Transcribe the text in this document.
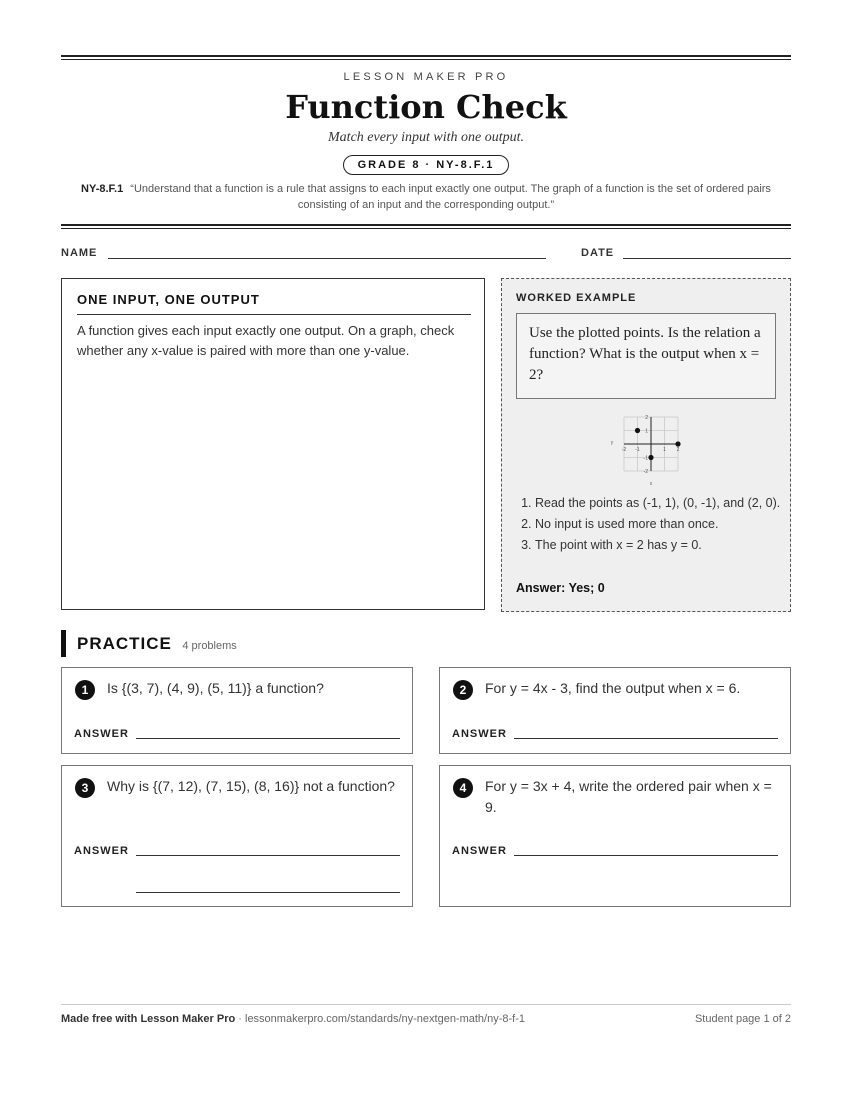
LESSON MAKER PRO
Function Check
Match every input with one output.
GRADE 8 · NY-8.F.1
NY-8.F.1 “Understand that a function is a rule that assigns to each input exactly one output. The graph of a function is the set of ordered pairs consisting of an input and the corresponding output.”
NAME	DATE
ONE INPUT, ONE OUTPUT

A function gives each input exactly one output. On a graph, check whether any x-value is paired with more than one y-value.

WORKED EXAMPLE
Use the plotted points. Is the relation a function? What is the output when x = 2?
-2 -1	1 2
2
1
-1
-2
x
y
1. Read the points as (-1, 1), (0, -1), and (2, 0).
2. No input is used more than once.
3. The point with x = 2 has y = 0.
Answer: Yes; 0
PRACTICE 4 problems
1	Is {(3, 7), (4, 9), (5, 11)} a function?
ANSWER
2	For y = 4x - 3, find the output when x = 6.
ANSWER
3	Why is {(7, 12), (7, 15), (8, 16)} not a function?
ANSWER
4	For y = 3x + 4, write the ordered pair when x = 9.
ANSWER
Made free with Lesson Maker Pro · lessonmakerpro.com/standards/ny-nextgen-math/ny-8-f-1	Student page 1 of 2
